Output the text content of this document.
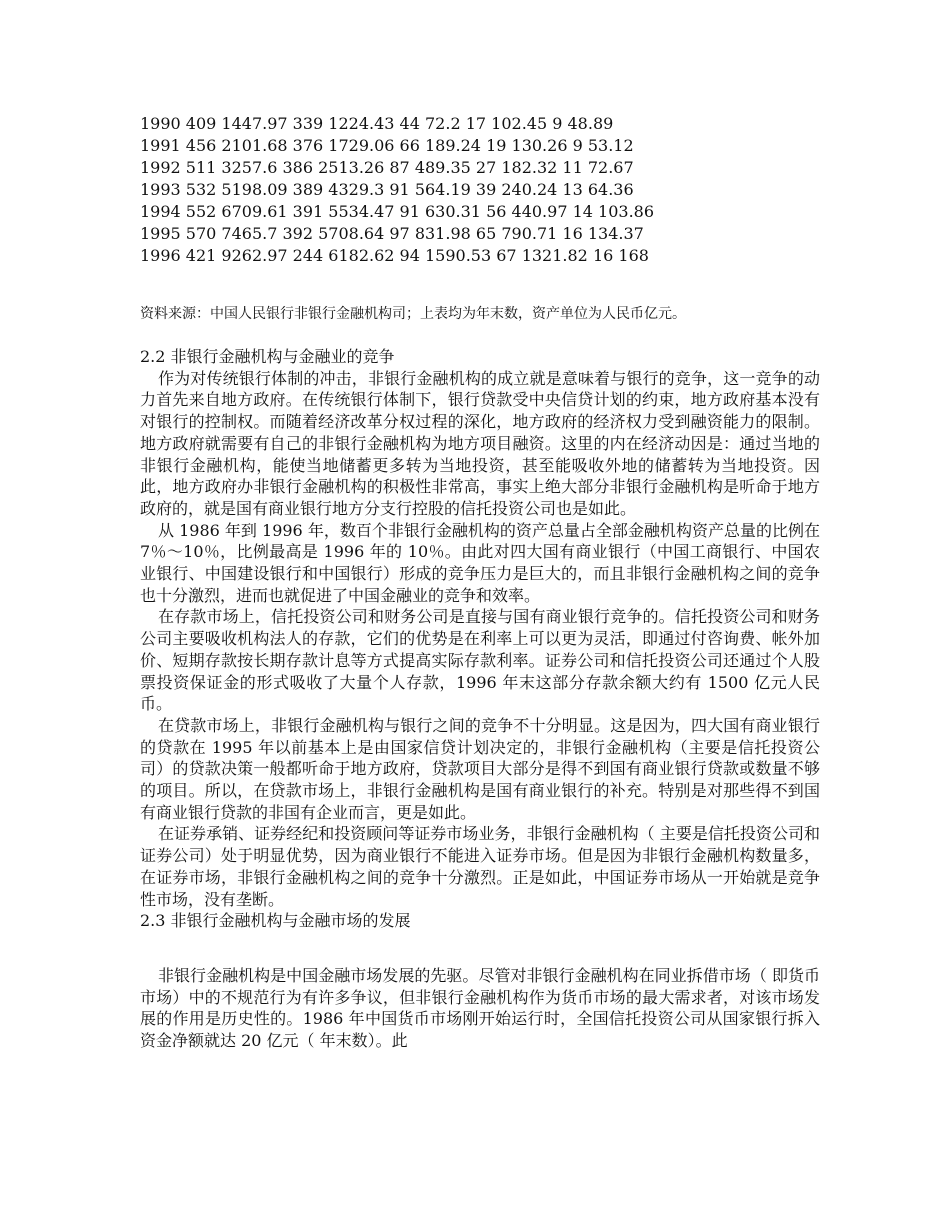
1990 409 1447.97 339 1224.43 44 72.2 17 102.45 9 48.89
1991 456 2101.68 376 1729.06 66 189.24 19 130.26 9 53.12
1992 511 3257.6 386 2513.26 87 489.35 27 182.32 11 72.67
1993 532 5198.09 389 4329.3 91 564.19 39 240.24 13 64.36
1994 552 6709.61 391 5534.47 91 630.31 56 440.97 14 103.86
1995 570 7465.7 392 5708.64 97 831.98 65 790.71 16 134.37
1996 421 9262.97 244 6182.62 94 1590.53 67 1321.82 16 168
资料来源：中国人民银行非银行金融机构司；上表均为年末数，资产单位为人民币亿元。
2.2 非银行金融机构与金融业的竞争

作为对传统银行体制的冲击，非银行金融机构的成立就是意味着与银行的竞争，这一竞争的动力首先来自地方政府。在传统银行体制下，银行贷款受中央信贷计划的约束，地方政府基本没有对银行的控制权。而随着经济改革分权过程的深化，地方政府的经济权力受到融资能力的限制。地方政府就需要有自己的非银行金融机构为地方项目融资。这里的内在经济动因是：通过当地的非银行金融机构，能使当地储蓄更多转为当地投资，甚至能吸收外地的储蓄转为当地投资。因此，地方政府办非银行金融机构的积极性非常高，事实上绝大部分非银行金融机构是听命于地方政府的，就是国有商业银行地方分支行控股的信托投资公司也是如此。

从 1986 年到 1996 年，数百个非银行金融机构的资产总量占全部金融机构资产总量的比例在 7％～10％，比例最高是 1996 年的 10％。由此对四大国有商业银行（中国工商银行、中国农业银行、中国建设银行和中国银行）形成的竞争压力是巨大的，而且非银行金融机构之间的竞争也十分激烈，进而也就促进了中国金融业的竞争和效率。

在存款市场上，信托投资公司和财务公司是直接与国有商业银行竞争的。信托投资公司和财务公司主要吸收机构法人的存款，它们的优势是在利率上可以更为灵活，即通过付咨询费、帐外加价、短期存款按长期存款计息等方式提高实际存款利率。证券公司和信托投资公司还通过个人股票投资保证金的形式吸收了大量个人存款，1996 年末这部分存款余额大约有 1500 亿元人民币。

在贷款市场上，非银行金融机构与银行之间的竞争不十分明显。这是因为，四大国有商业银行的贷款在 1995 年以前基本上是由国家信贷计划决定的，非银行金融机构（主要是信托投资公司）的贷款决策一般都听命于地方政府，贷款项目大部分是得不到国有商业银行贷款或数量不够的项目。所以，在贷款市场上，非银行金融机构是国有商业银行的补充。特别是对那些得不到国有商业银行贷款的非国有企业而言，更是如此。

在证券承销、证券经纪和投资顾问等证券市场业务，非银行金融机构（ 主要是信托投资公司和证券公司）处于明显优势，因为商业银行不能进入证券市场。但是因为非银行金融机构数量多，在证券市场，非银行金融机构之间的竞争十分激烈。正是如此，中国证券市场从一开始就是竞争性市场，没有垄断。

2.3 非银行金融机构与金融市场的发展

非银行金融机构是中国金融市场发展的先驱。尽管对非银行金融机构在同业拆借市场（ 即货币市场）中的不规范行为有许多争议，但非银行金融机构作为货币市场的最大需求者，对该市场发展的作用是历史性的。1986 年中国货币市场刚开始运行时，全国信托投资公司从国家银行拆入资金净额就达 20 亿元（ 年末数）。此
